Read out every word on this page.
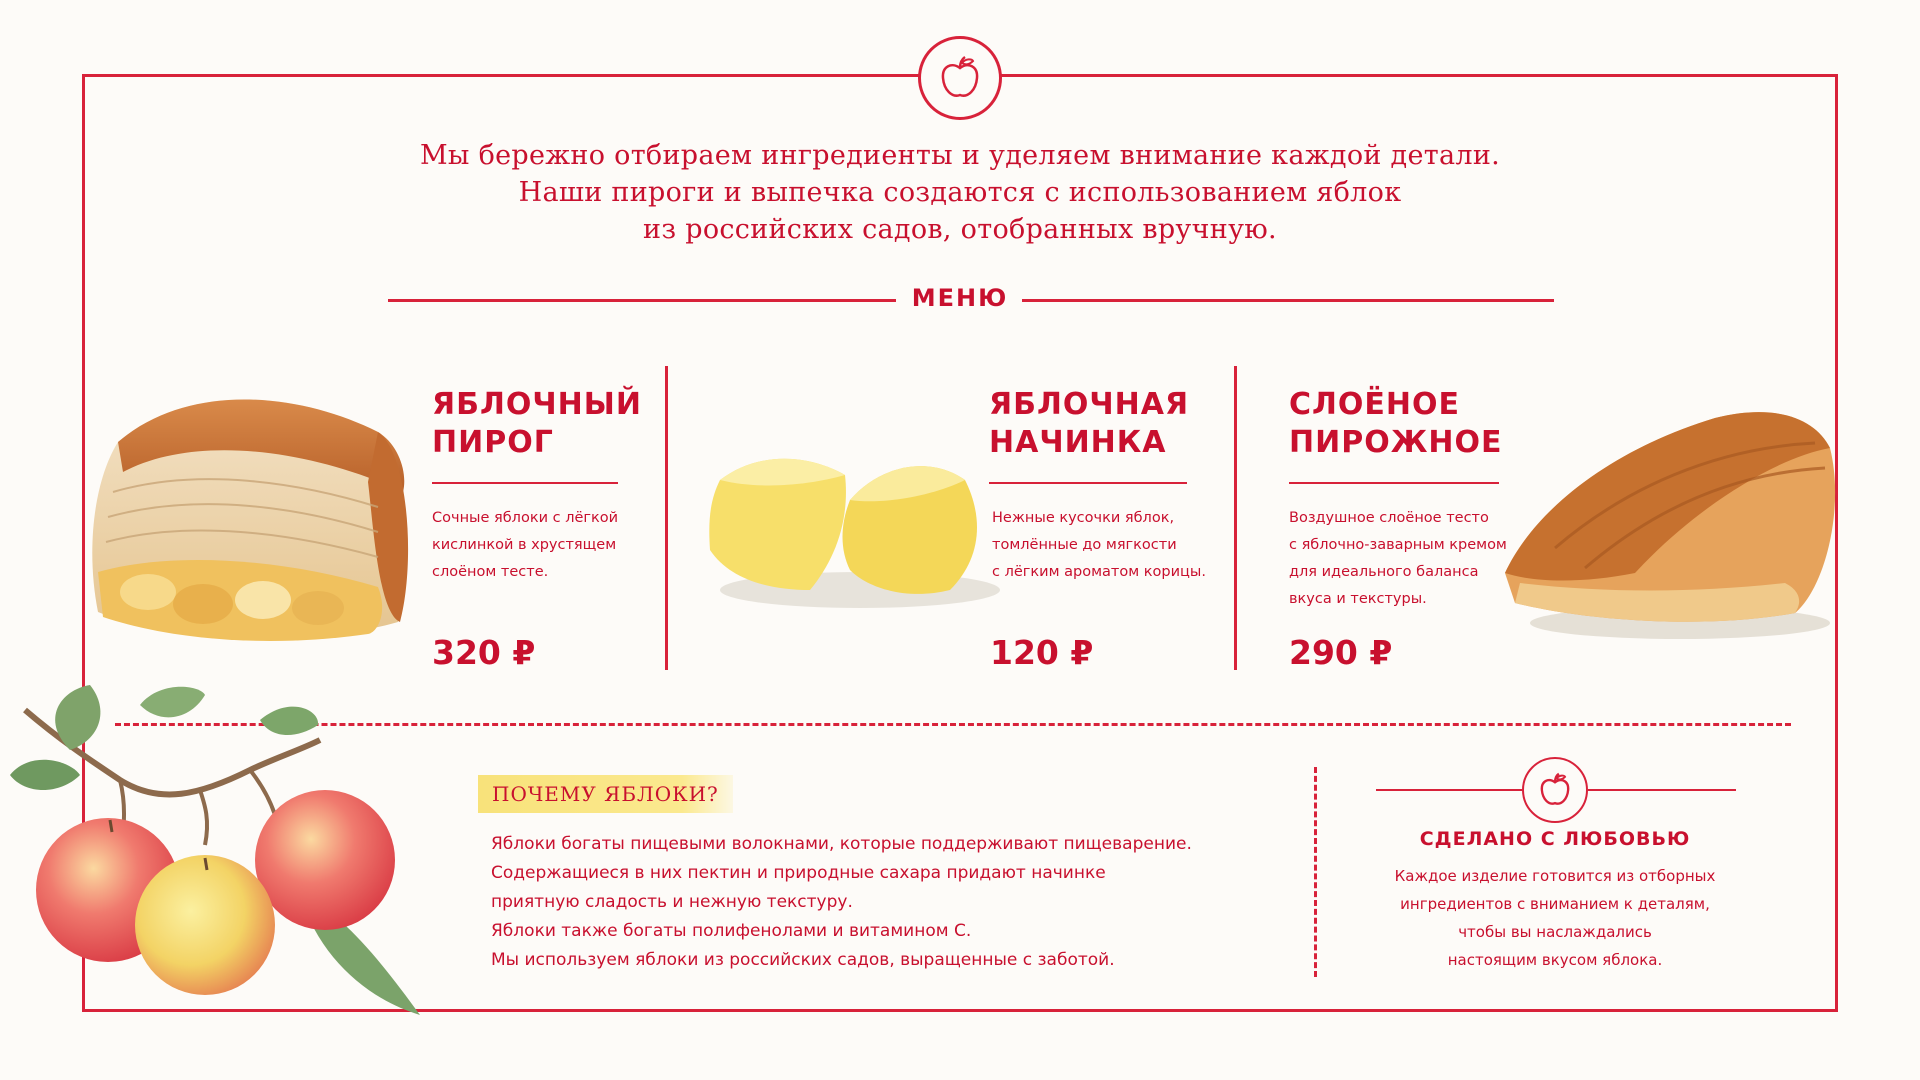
Мы бережно отбираем ингредиенты и уделяем внимание каждой детали.
Наши пироги и выпечка создаются с использованием яблок
из российских садов, отобранных вручную.
МЕНЮ
ЯБЛОЧНЫЙ
ПИРОГ
Сочные яблоки с лёгкой
кислинкой в хрустящем
слоёном тесте.
320 ₽
ЯБЛОЧНАЯ
НАЧИНКА
Нежные кусочки яблок,
томлённые до мягкости
с лёгким ароматом корицы.
120 ₽
СЛОЁНОЕ
ПИРОЖНОЕ
Воздушное слоёное тесто
с яблочно-заварным кремом
для идеального баланса
вкуса и текстуры.
290 ₽
ПОЧЕМУ ЯБЛОКИ?
Яблоки богаты пищевыми волокнами, которые поддерживают пищеварение.
Содержащиеся в них пектин и природные сахара придают начинке
приятную сладость и нежную текстуру.
Яблоки также богаты полифенолами и витамином С.
Мы используем яблоки из российских садов, выращенные с заботой.
СДЕЛАНО С ЛЮБОВЬЮ
Каждое изделие готовится из отборных
ингредиентов с вниманием к деталям,
чтобы вы наслаждались
настоящим вкусом яблока.
